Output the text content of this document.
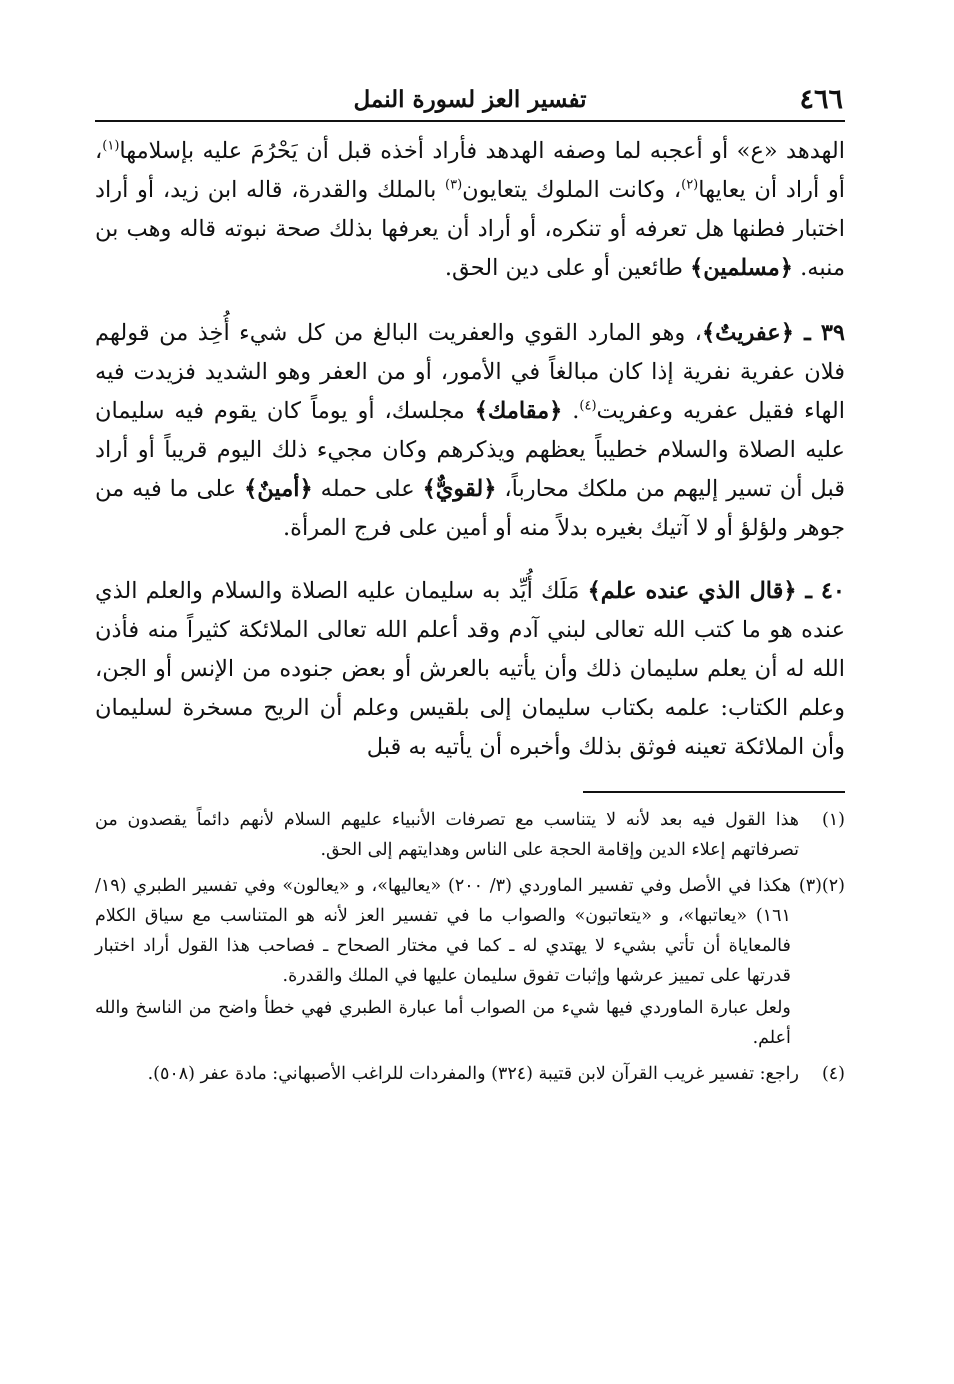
٤٦٦
تفسير العز لسورة النمل

الهدهد «ع» أو أعجبه لما وصفه الهدهد فأراد أخذه قبل أن يَحْرُمَ عليه بإسلامها$^{(١)}$، أو أراد أن يعايها$^{(٢)}$، وكانت الملوك يتعايون$^{(٣)}$ بالملك والقدرة، قاله ابن زيد، أو أراد اختبار فطنها هل تعرفه أو تنكره، أو أراد أن يعرفها بذلك صحة نبوته قاله وهب بن منبه. ﴿مسلمين﴾ طائعين أو على دين الحق.

٣٩ ـ ﴿عفريتٌ﴾، وهو المارد القوي والعفريت البالغ من كل شيء أُخِذ من قولهم فلان عفرية نفرية إذا كان مبالغاً في الأمور، أو من العفر وهو الشديد فزيدت فيه الهاء فقيل عفريه وعفريت$^{(٤)}$. ﴿مقامك﴾ مجلسك، أو يوماً كان يقوم فيه سليمان عليه الصلاة والسلام خطيباً يعظهم ويذكرهم وكان مجيء ذلك اليوم قريباً أو أراد قبل أن تسير إليهم من ملكك محارباً، ﴿لقويٌّ﴾ على حمله ﴿أمينٌ﴾ على ما فيه من جوهر ولؤلؤ أو لا آتيك بغيره بدلاً منه أو أمين على فرج المرأة.

٤٠ ـ ﴿قال الذي عنده علم﴾ مَلَك أُيِّد به سليمان عليه الصلاة والسلام والعلم الذي عنده هو ما كتب الله تعالى لبني آدم وقد أعلم الله تعالى الملائكة كثيراً منه فأذن الله له أن يعلم سليمان ذلك وأن يأتيه بالعرش أو بعض جنوده من الإنس أو الجن، وعلم الكتاب: علمه بكتاب سليمان إلى بلقيس وعلم أن الريح مسخرة لسليمان وأن الملائكة تعينه فوثق بذلك وأخبره أن يأتيه به قبل

(١)
هذا القول فيه بعد لأنه لا يتناسب مع تصرفات الأنبياء عليهم السلام لأنهم دائماً يقصدون من تصرفاتهم إعلاء الدين وإقامة الحجة على الناس وهدايتهم إلى الحق.
(٢)(٣)
هكذا في الأصل وفي تفسير الماوردي (٣/ ٢٠٠) «يعاليها»، و «يعالون» وفي تفسير الطبري (١٩/ ١٦١) «يعاتبها»، و «يتعاتبون» والصواب ما في تفسير العز لأنه هو المتناسب مع سياق الكلام فالمعاياة أن تأتي بشيء لا يهتدي له ـ كما في مختار الصحاح ـ فصاحب هذا القول أراد اختبار قدرتها على تمييز عرشها وإثبات تفوق سليمان عليها في الملك والقدرة.
ولعل عبارة الماوردي فيها شيء من الصواب أما عبارة الطبري فهي خطأ واضح من الناسخ والله أعلم.
(٤)
راجع: تفسير غريب القرآن لابن قتيبة (٣٢٤) والمفردات للراغب الأصبهاني: مادة عفر (٥٠٨).
